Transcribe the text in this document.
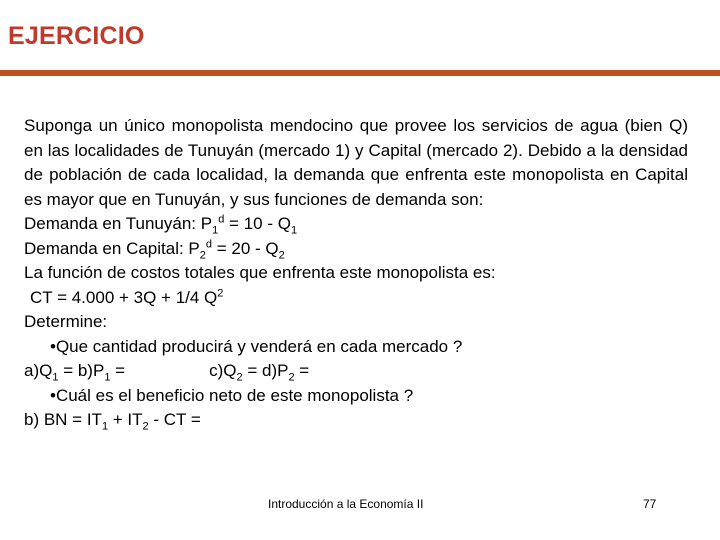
EJERCICIO

Suponga un único monopolista mendocino que provee los servicios de agua (bien Q) en las localidades de Tunuyán (mercado 1) y Capital (mercado 2). Debido a la densidad de población de cada localidad, la demanda que enfrenta este monopolista en Capital es mayor que en Tunuyán, y sus funciones de demanda son:

Demanda en Tunuyán: $P_1^d = 10 - Q_1$

Demanda en Capital: $P_2^d = 20 - Q_2$

La función de costos totales que enfrenta este monopolista es:

CT = 4.000 + 3Q + 1/4 $Q^2$

Determine:

•Que cantidad producirá y venderá en cada mercado ?

$a)Q_1 = b)P_1$ =	$c)Q_2 = d)P_2$ =

•Cuál es el beneficio neto de este monopolista ?

b) BN = $IT_1 + IT_2$ - CT =

Introducción a la Economía II	77
